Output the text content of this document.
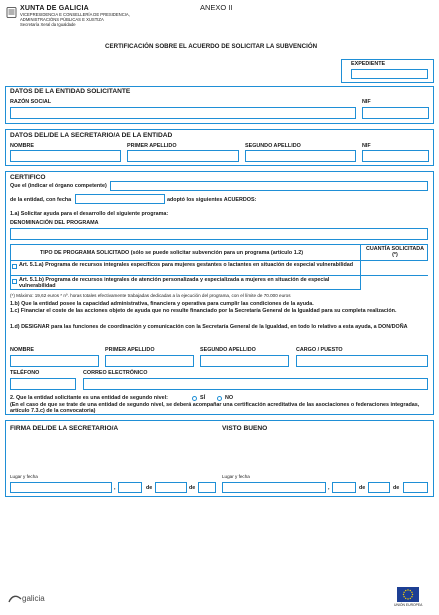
XUNTA DE GALICIA
VICEPRESIDENCIA E CONSELLERÍA DE PRESIDENCIA,
ADMINISTRACIÓNS PÚBLICAS E XUSTIZA
Secretaría Xeral da Igualdade
ANEXO II
CERTIFICACIÓN SOBRE EL ACUERDO DE SOLICITAR LA SUBVENCIÓN
EXPEDIENTE
DATOS DE LA ENTIDAD SOLICITANTE
RAZÓN SOCIAL	NIF
DATOS DEL/DE LA SECRETARIO/A DE LA ENTIDAD
NOMBRE	PRIMER APELLIDO	SEGUNDO APELLIDO	NIF
CERTIFICO
Que el (indicar el órgano competente)
de la entidad, con fecha	adoptó los siguientes ACUERDOS:
1.a) Solicitar ayuda para el desarrollo del siguiente programa:
DENOMINACIÓN DEL PROGRAMA
TIPO DE PROGRAMA SOLICITADO (sólo se puede solicitar subvención para un programa (artículo 1.2)
CUANTÍA SOLICITADA (*)
Art. 5.1.a) Programa de recursos integrales específicos para mujeres gestantes o lactantes en situación de especial vulnerabilidad
Art. 5.1.b) Programa de recursos integrales de atención personalizada y especializada a mujeres en situación de especial vulnerabilidad
(*) Máximo: 19,62 euros * nº. horas totales efectivamente trabajadas dedicadas a la ejecución del programa, con el límite de 70.000 euros
1.b) Que la entidad posee la capacidad administrativa, financiera y operativa para cumplir las condiciones de la ayuda.
1.c) Financiar el coste de las acciones objeto de ayuda que no resulte financiado por la Secretaría General de la Igualdad para su completa realización.
1.d) DESIGNAR para las funciones de coordinación y comunicación con la Secretaría General de la Igualdad, en todo lo relativo a esta ayuda, a DON/DOÑA
NOMBRE	PRIMER APELLIDO	SEGUNDO APELLIDO	CARGO / PUESTO
TELÉFONO	CORREO ELECTRÓNICO
2. Que la entidad solicitante es una entidad de segundo nivel:	SÍ	NO
(En el caso de que se trate de una entidad de segundo nivel, se deberá acompañar una certificación acreditativa de las asociaciones o federaciones integradas, artículo 7.3.c) de la convocatoria)
FIRMA DEL/DE LA SECRETARIO/A	VISTO BUENO
Lugar y fecha
,	de	de
Lugar y fecha
,	de	de
galicia
UNIÓN EUROPEA
